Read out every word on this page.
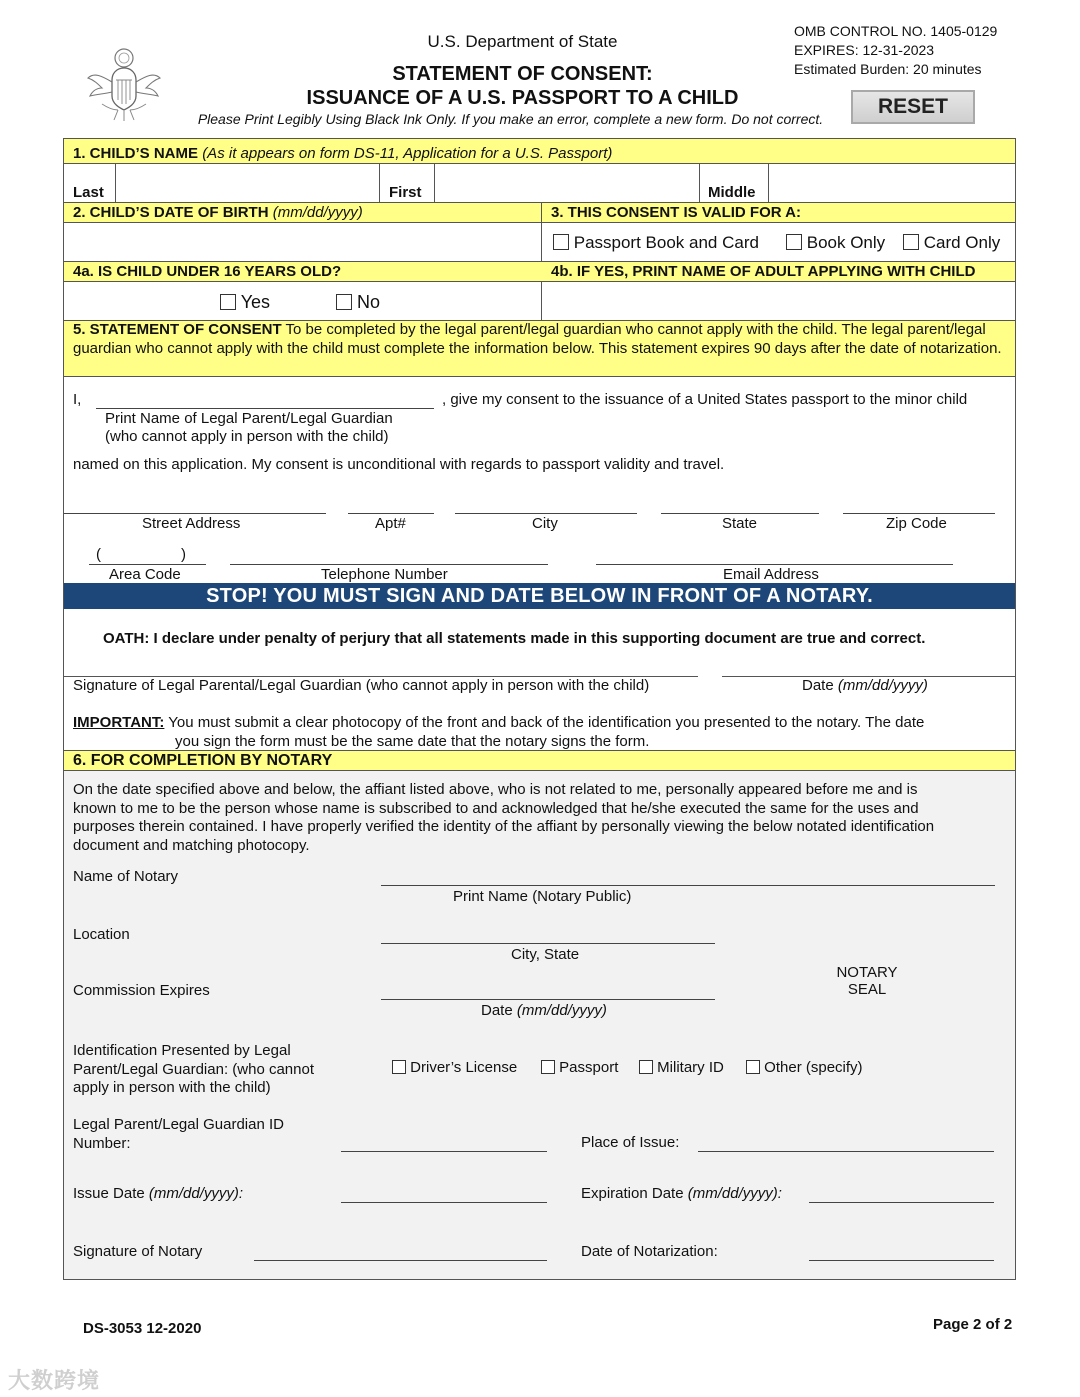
U.S. Department of State
STATEMENT OF CONSENT:
ISSUANCE OF A U.S. PASSPORT TO A CHILD
Please Print Legibly Using Black Ink Only. If you make an error, complete a new form. Do not correct.
OMB CONTROL NO. 1405-0129
EXPIRES: 12-31-2023
Estimated Burden: 20 minutes
RESET
1. CHILD’S NAME (As it appears on form DS-11, Application for a U.S. Passport)
Last	First	Middle
2. CHILD’S DATE OF BIRTH (mm/dd/yyyy)	3. THIS CONSENT IS VALID FOR A:
Passport Book and Card	Book Only	Card Only
4a. IS CHILD UNDER 16 YEARS OLD?	4b. IF YES, PRINT NAME OF ADULT APPLYING WITH CHILD
Yes	No
5. STATEMENT OF CONSENT To be completed by the legal parent/legal guardian who cannot apply with the child. The legal parent/legal guardian who cannot apply with the child must complete the information below. This statement expires 90 days after the date of notarization.
I,	, give my consent to the issuance of a United States passport to the minor child
Print Name of Legal Parent/Legal Guardian
(who cannot apply in person with the child)
named on this application. My consent is unconditional with regards to passport validity and travel.
Street Address	Apt#	City	State	Zip Code
(	)
Area Code	Telephone Number	Email Address
STOP! YOU MUST SIGN AND DATE BELOW IN FRONT OF A NOTARY.
OATH: I declare under penalty of perjury that all statements made in this supporting document are true and correct.
Signature of Legal Parental/Legal Guardian (who cannot apply in person with the child)	Date (mm/dd/yyyy)
IMPORTANT: You must submit a clear photocopy of the front and back of the identification you presented to the notary. The date
you sign the form must be the same date that the notary signs the form.
6. FOR COMPLETION BY NOTARY
On the date specified above and below, the affiant listed above, who is not related to me, personally appeared before me and is
known to me to be the person whose name is subscribed to and acknowledged that he/she executed the same for the uses and
purposes therein contained. I have properly verified the identity of the affiant by personally viewing the below notated identification
document and matching photocopy.
Name of Notary
Print Name (Notary Public)
Location
City, State
Commission Expires
Date (mm/dd/yyyy)
NOTARY
SEAL
Identification Presented by Legal
Parent/Legal Guardian: (who cannot
apply in person with the child)
Driver’s License	Passport	Military ID	Other (specify)
Legal Parent/Legal Guardian ID
Number:	Place of Issue:
Issue Date (mm/dd/yyyy):	Expiration Date (mm/dd/yyyy):
Signature of Notary	Date of Notarization:
DS-3053 12-2020	Page 2 of 2
大数跨境
